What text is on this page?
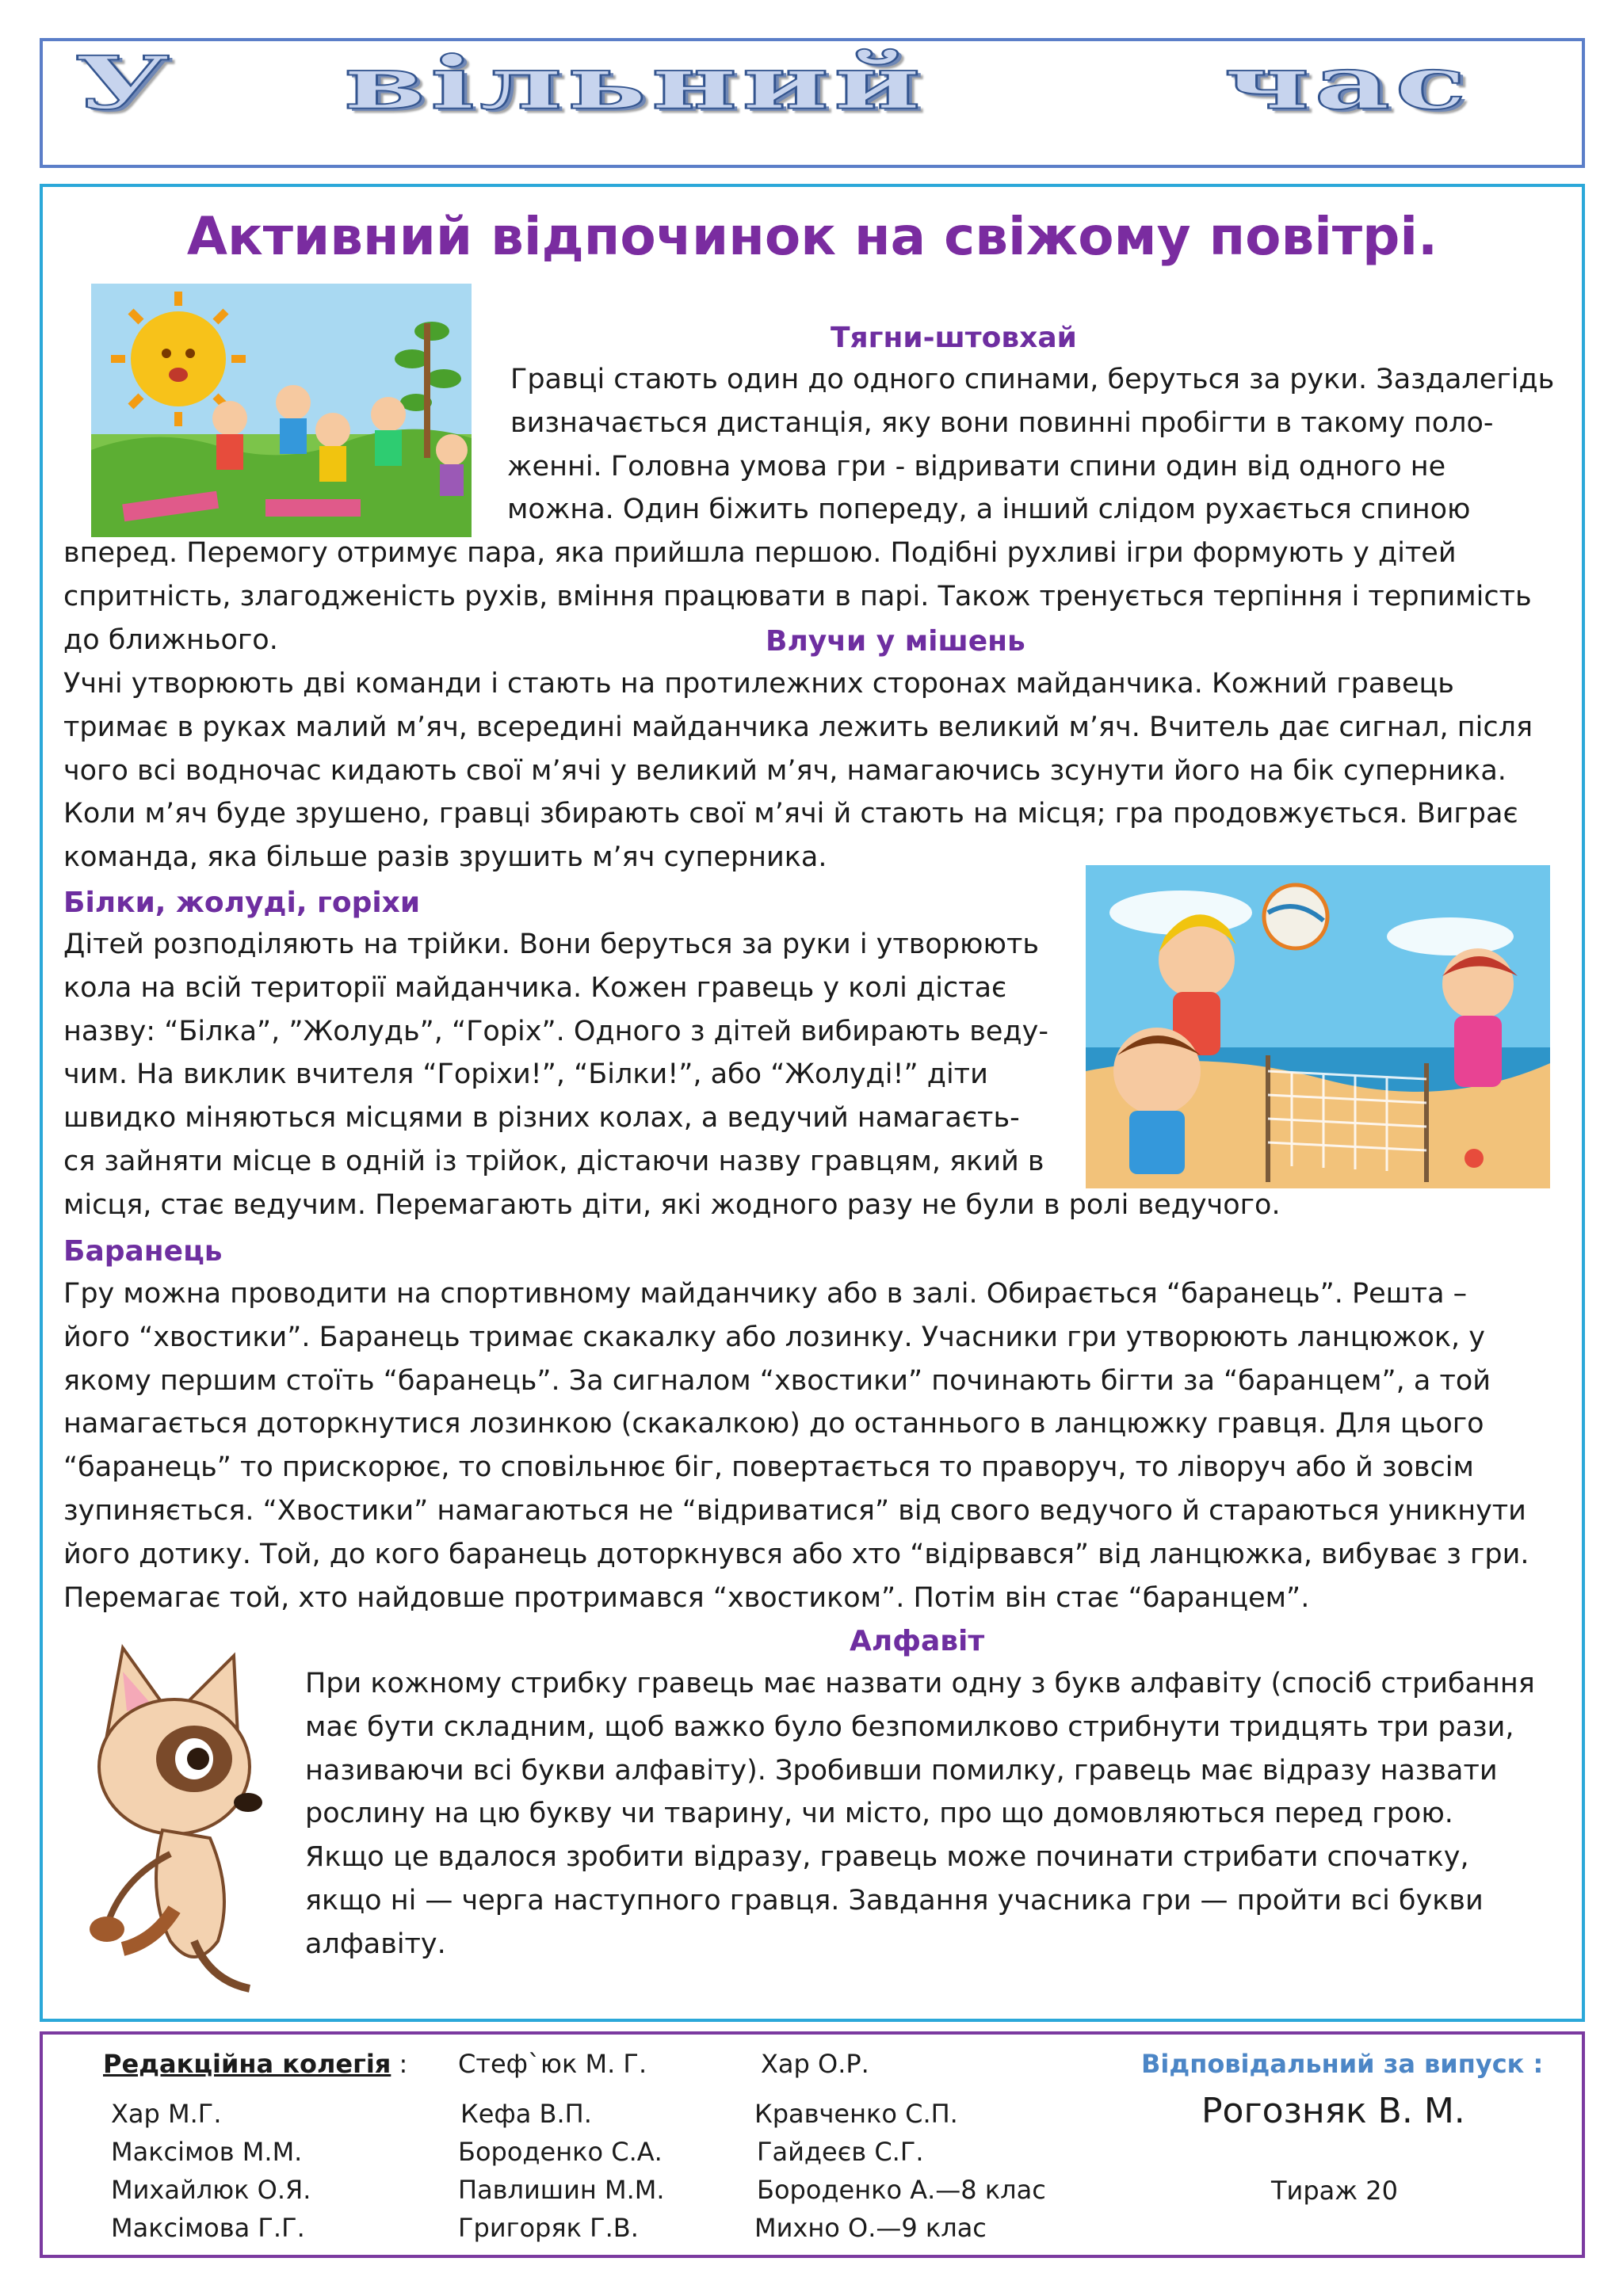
У вільний	час
Активний відпочинок на свіжому повітрі.
Тягни-штовхай
Гравці стають один до одного спинами, беруться за руки. Заздалегідь
визначається дистанція, яку вони повинні пробігти в такому поло-
женні. Головна умова гри - відривати спини один від одного не
можна. Один біжить попереду, а інший слідом рухається спиною
вперед. Перемогу отримує пара, яка прийшла першою. Подібні рухливі ігри формують у дітей
спритність, злагодженість рухів, вміння працювати в парі. Також тренується терпіння і терпимість
до ближнього.	Влучи у мішень
Учні утворюють дві команди і стають на протилежних сторонах майданчика. Кожний гравець
тримає в руках малий м’яч, всередині майданчика лежить великий м’яч. Вчитель дає сигнал, після
чого всі водночас кидають свої м’ячі у великий м’яч, намагаючись зсунути його на бік суперника.
Коли м’яч буде зрушено, гравці збирають свої м’ячі й стають на місця; гра продовжується. Виграє
команда, яка більше разів зрушить м’яч суперника.
Білки, жолуді, горіхи
Дітей розподіляють на трійки. Вони беруться за руки і утворюють
кола на всій території майданчика. Кожен гравець у колі дістає
назву: “Білка”, ”Жолудь”, “Горіх”. Одного з дітей вибирають веду-
чим. На виклик вчителя “Горіхи!”, “Білки!”, або “Жолуді!” діти
швидко міняються місцями в різних колах, а ведучий намагаєть-
ся зайняти місце в одній із трійок, дістаючи назву гравцям, який в
місця, стає ведучим. Перемагають діти, які жодного разу не були в ролі ведучого.
Баранець
Гру можна проводити на спортивному майданчику або в залі. Обирається “баранець”. Решта –
його “хвостики”. Баранець тримає скакалку або лозинку. Учасники гри утворюють ланцюжок, у
якому першим стоїть “баранець”. За сигналом “хвостики” починають бігти за “баранцем”, а той
намагається доторкнутися лозинкою (скакалкою) до останнього в ланцюжку гравця. Для цього
“баранець” то прискорює, то сповільнює біг, повертається то праворуч, то ліворуч або й зовсім
зупиняється. “Хвостики” намагаються не “відриватися” від свого ведучого й стараються уникнути
його дотику. Той, до кого баранець доторкнувся або хто “відірвався” від ланцюжка, вибуває з гри.
Перемагає той, хто найдовше протримався “хвостиком”. Потім він стає “баранцем”.
Алфавіт
При кожному стрибку гравець має назвати одну з букв алфавіту (спосіб стрибання
має бути складним, щоб важко було безпомилково стрибнути тридцять три рази,
називаючи всі букви алфавіту). Зробивши помилку, гравець має відразу назвати
рослину на цю букву чи тварину, чи місто, про що домовляються перед грою.
Якщо це вдалося зробити відразу, гравець може починати стрибати спочатку,
якщо ні — черга наступного гравця. Завдання учасника гри — пройти всі букви
алфавіту.
Редакційна колегія :
Хар М.Г.
Максімов М.М.
Михайлюк О.Я.
Максімова Г.Г.
Стеф`юк М. Г.
Кефа В.П.
Бороденко С.А.
Павлишин М.М.
Григоряк Г.В.
Хар О.Р.
Кравченко С.П.
Гайдеєв С.Г.
Бороденко А.—8 клас
Михно О.—9 клас
Відповідальний за випуск :
Рогозняк В. М.
Тираж 20
